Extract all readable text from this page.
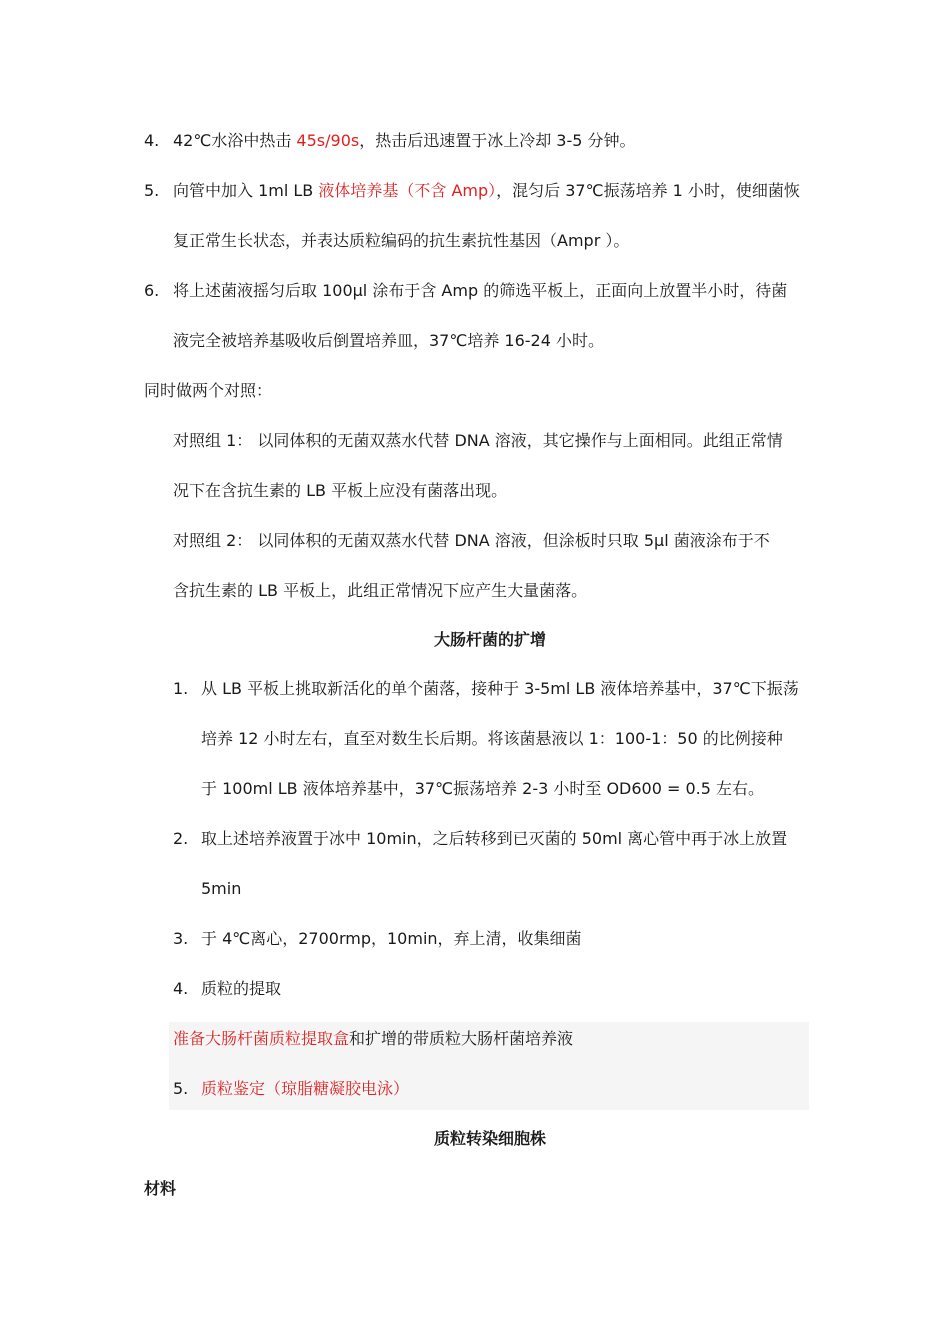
4. 42℃水浴中热击 45s/90s，热击后迅速置于冰上冷却 3-5 分钟。
5. 向管中加入 1ml LB 液体培养基（不含 Amp），混匀后 37℃振荡培养 1 小时，使细菌恢
复正常生长状态，并表达质粒编码的抗生素抗性基因（Ampr ）。
6. 将上述菌液摇匀后取 100μl 涂布于含 Amp 的筛选平板上，正面向上放置半小时，待菌
液完全被培养基吸收后倒置培养皿，37℃培养 16-24 小时。
同时做两个对照：
对照组 1： 以同体积的无菌双蒸水代替 DNA 溶液，其它操作与上面相同。此组正常情
况下在含抗生素的 LB 平板上应没有菌落出现。
对照组 2： 以同体积的无菌双蒸水代替 DNA 溶液，但涂板时只取 5μl 菌液涂布于不
含抗生素的 LB 平板上，此组正常情况下应产生大量菌落。
大肠杆菌的扩增
1. 从 LB 平板上挑取新活化的单个菌落，接种于 3-5ml LB 液体培养基中，37℃下振荡
培养 12 小时左右，直至对数生长后期。将该菌悬液以 1：100-1：50 的比例接种
于 100ml LB 液体培养基中，37℃振荡培养 2-3 小时至 OD600 = 0.5 左右。
2. 取上述培养液置于冰中 10min，之后转移到已灭菌的 50ml 离心管中再于冰上放置
5min
3. 于 4℃离心，2700rmp，10min，弃上清，收集细菌
4. 质粒的提取
准备大肠杆菌质粒提取盒和扩增的带质粒大肠杆菌培养液
5. 质粒鉴定（琼脂糖凝胶电泳）
质粒转染细胞株
材料
